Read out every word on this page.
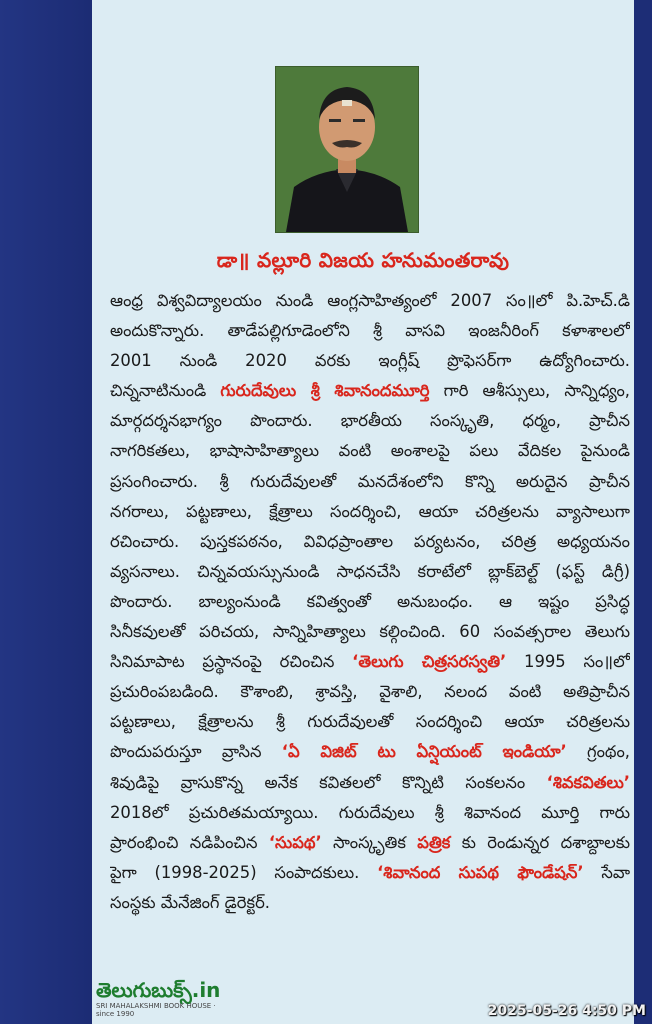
డా॥ వల్లూరి విజయ హనుమంతరావు
ఆంధ్ర విశ్వవిద్యాలయం నుండి ఆంగ్లసాహిత్యంలో 2007 సం॥లో పి.హెచ్.డి
అందుకొన్నారు. తాడేపల్లిగూడెంలోని శ్రీ వాసవి ఇంజనీరింగ్ కళాశాలలో
2001 నుండి 2020 వరకు ఇంగ్లీష్ ప్రొఫెసర్‌గా ఉద్యోగించారు.
చిన్ననాటినుండి గురుదేవులు శ్రీ శివానందమూర్తి గారి ఆశీస్సులు, సాన్నిధ్యం,
మార్గదర్శనభాగ్యం పొందారు. భారతీయ సంస్కృతి, ధర్మం, ప్రాచీన
నాగరికతలు, భాషాసాహిత్యాలు వంటి అంశాలపై పలు వేదికల పైనుండి
ప్రసంగించారు. శ్రీ గురుదేవులతో మనదేశంలోని కొన్ని అరుదైన ప్రాచీన
నగరాలు, పట్టణాలు, క్షేత్రాలు సందర్శించి, ఆయా చరిత్రలను వ్యాసాలుగా
రచించారు. పుస్తకపఠనం, వివిధప్రాంతాల పర్యటనం, చరిత్ర అధ్యయనం
వ్యసనాలు. చిన్నవయస్సునుండి సాధనచేసి కరాటేలో బ్లాక్‌బెల్ట్ (ఫస్ట్ డిగ్రీ)
పొందారు. బాల్యంనుండి కవిత్వంతో అనుబంధం. ఆ ఇష్టం ప్రసిద్ధ
సినీకవులతో పరిచయ, సాన్నిహిత్యాలు కల్గించింది. 60 సంవత్సరాల తెలుగు
సినిమాపాట ప్రస్థానంపై రచించిన ‘తెలుగు చిత్రసరస్వతి’ 1995 సం॥లో
ప్రచురింపబడింది. కౌశాంబి, శ్రావస్తి, వైశాలి, నలంద వంటి అతిప్రాచీన
పట్టణాలు, క్షేత్రాలను శ్రీ గురుదేవులతో సందర్శించి ఆయా చరిత్రలను
పొందుపరుస్తూ వ్రాసిన ‘ఏ విజిట్ టు ఏన్షియంట్ ఇండియా’ గ్రంథం,
శివుడిపై వ్రాసుకొన్న అనేక కవితలలో కొన్నిటి సంకలనం ‘శివకవితలు’
2018లో ప్రచురితమయ్యాయి. గురుదేవులు శ్రీ శివానంద మూర్తి గారు
ప్రారంభించి నడిపించిన ‘సుపథ’ సాంస్కృతిక పత్రిక కు రెండున్నర దశాబ్దాలకు
పైగా (1998-2025) సంపాదకులు. ‘శివానంద సుపథ ఫౌండేషన్’ సేవా
సంస్థకు మేనేజింగ్ డైరెక్టర్.
తెలుగుబుక్స్.in
SRI MAHALAKSHMI BOOK HOUSE · since 1990	2025-05-26 4:50 PM
